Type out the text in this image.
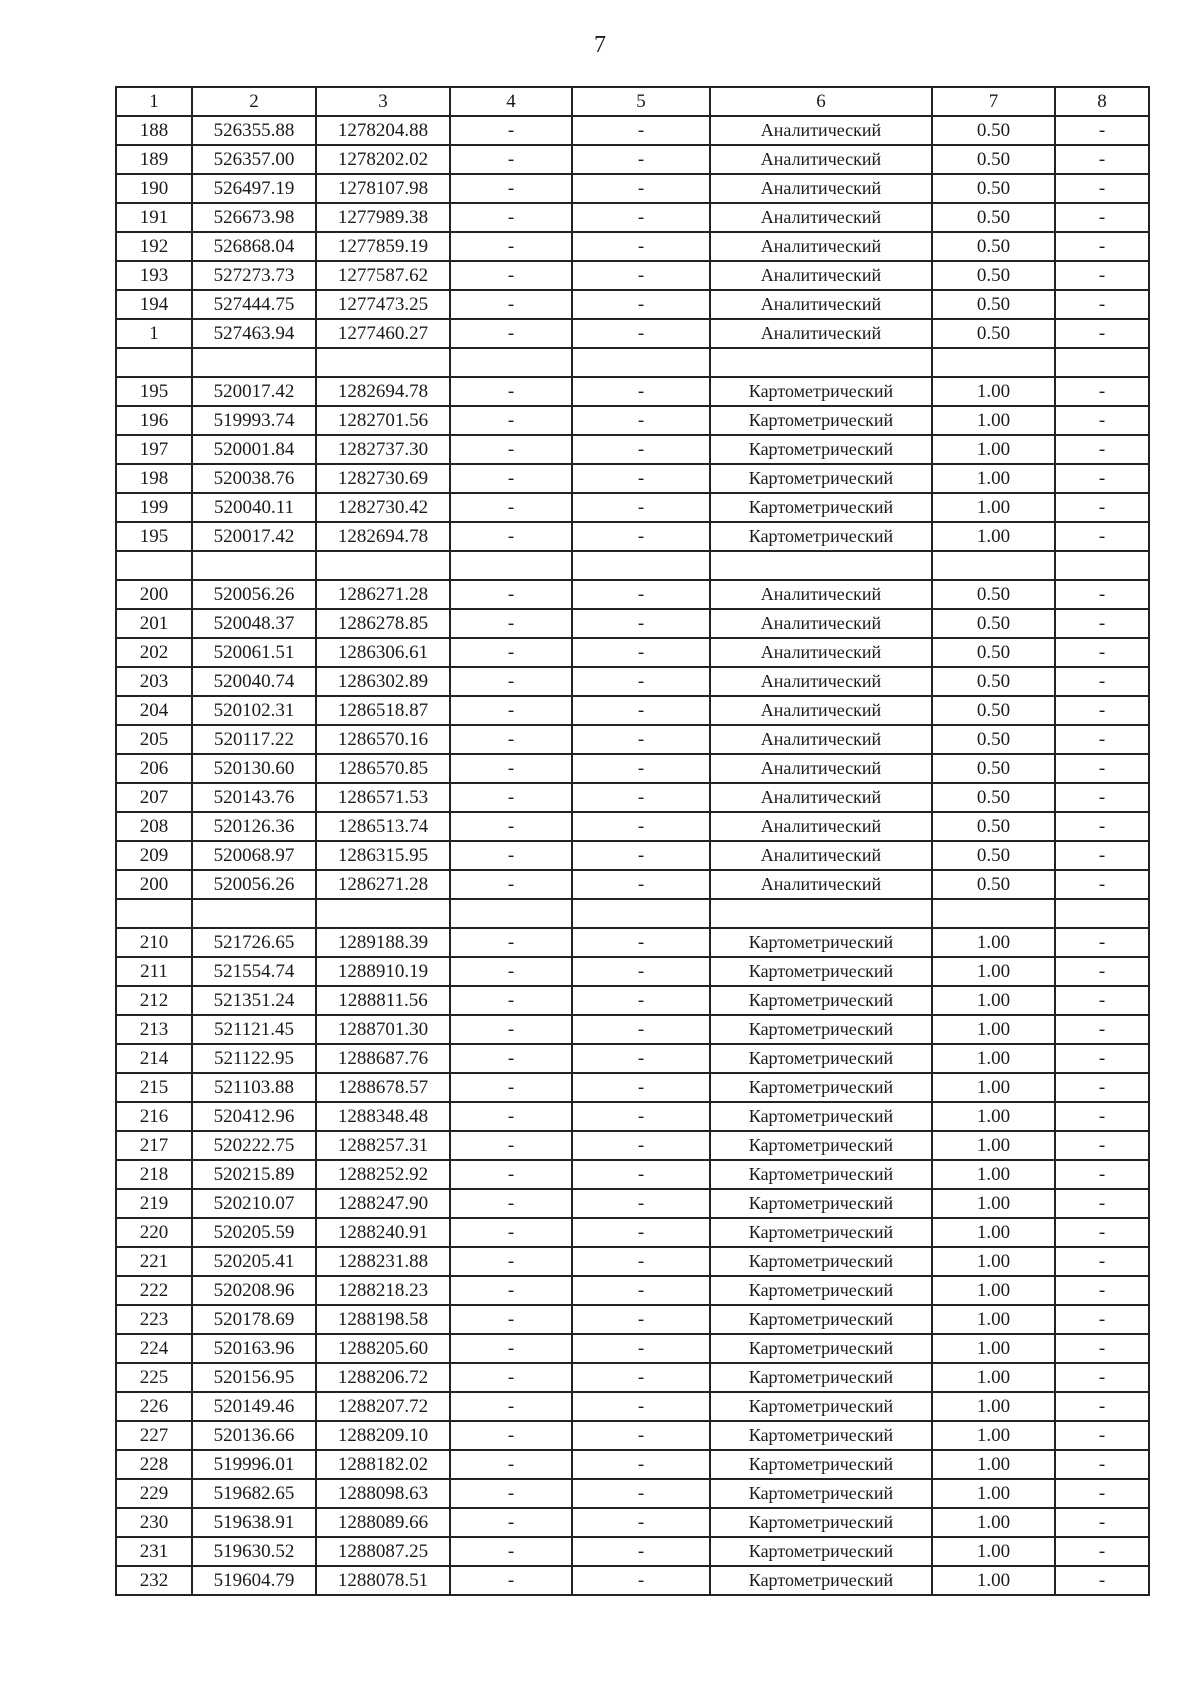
7
1	2	3	4	5	6	7	8
188	526355.88	1278204.88	-	-	Аналитический	0.50	-
189	526357.00	1278202.02	-	-	Аналитический	0.50	-
190	526497.19	1278107.98	-	-	Аналитический	0.50	-
191	526673.98	1277989.38	-	-	Аналитический	0.50	-
192	526868.04	1277859.19	-	-	Аналитический	0.50	-
193	527273.73	1277587.62	-	-	Аналитический	0.50	-
194	527444.75	1277473.25	-	-	Аналитический	0.50	-
1	527463.94	1277460.27	-	-	Аналитический	0.50	-

195	520017.42	1282694.78	-	-	Картометрический	1.00	-
196	519993.74	1282701.56	-	-	Картометрический	1.00	-
197	520001.84	1282737.30	-	-	Картометрический	1.00	-
198	520038.76	1282730.69	-	-	Картометрический	1.00	-
199	520040.11	1282730.42	-	-	Картометрический	1.00	-
195	520017.42	1282694.78	-	-	Картометрический	1.00	-

200	520056.26	1286271.28	-	-	Аналитический	0.50	-
201	520048.37	1286278.85	-	-	Аналитический	0.50	-
202	520061.51	1286306.61	-	-	Аналитический	0.50	-
203	520040.74	1286302.89	-	-	Аналитический	0.50	-
204	520102.31	1286518.87	-	-	Аналитический	0.50	-
205	520117.22	1286570.16	-	-	Аналитический	0.50	-
206	520130.60	1286570.85	-	-	Аналитический	0.50	-
207	520143.76	1286571.53	-	-	Аналитический	0.50	-
208	520126.36	1286513.74	-	-	Аналитический	0.50	-
209	520068.97	1286315.95	-	-	Аналитический	0.50	-
200	520056.26	1286271.28	-	-	Аналитический	0.50	-

210	521726.65	1289188.39	-	-	Картометрический	1.00	-
211	521554.74	1288910.19	-	-	Картометрический	1.00	-
212	521351.24	1288811.56	-	-	Картометрический	1.00	-
213	521121.45	1288701.30	-	-	Картометрический	1.00	-
214	521122.95	1288687.76	-	-	Картометрический	1.00	-
215	521103.88	1288678.57	-	-	Картометрический	1.00	-
216	520412.96	1288348.48	-	-	Картометрический	1.00	-
217	520222.75	1288257.31	-	-	Картометрический	1.00	-
218	520215.89	1288252.92	-	-	Картометрический	1.00	-
219	520210.07	1288247.90	-	-	Картометрический	1.00	-
220	520205.59	1288240.91	-	-	Картометрический	1.00	-
221	520205.41	1288231.88	-	-	Картометрический	1.00	-
222	520208.96	1288218.23	-	-	Картометрический	1.00	-
223	520178.69	1288198.58	-	-	Картометрический	1.00	-
224	520163.96	1288205.60	-	-	Картометрический	1.00	-
225	520156.95	1288206.72	-	-	Картометрический	1.00	-
226	520149.46	1288207.72	-	-	Картометрический	1.00	-
227	520136.66	1288209.10	-	-	Картометрический	1.00	-
228	519996.01	1288182.02	-	-	Картометрический	1.00	-
229	519682.65	1288098.63	-	-	Картометрический	1.00	-
230	519638.91	1288089.66	-	-	Картометрический	1.00	-
231	519630.52	1288087.25	-	-	Картометрический	1.00	-
232	519604.79	1288078.51	-	-	Картометрический	1.00	-
